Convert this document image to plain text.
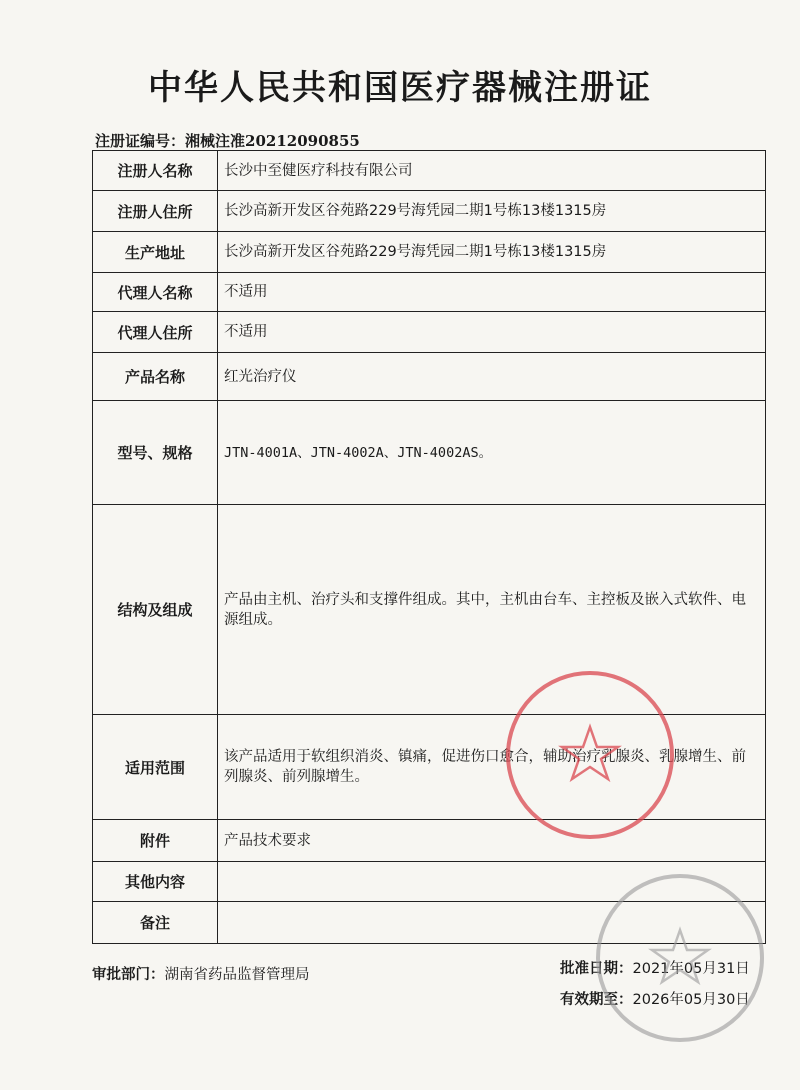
中华人民共和国医疗器械注册证
注册证编号：湘械注准20212090855
注册人名称	长沙中至健医疗科技有限公司
注册人住所	长沙高新开发区谷苑路229号海凭园二期1号栋13楼1315房
生产地址	长沙高新开发区谷苑路229号海凭园二期1号栋13楼1315房
代理人名称	不适用
代理人住所	不适用
产品名称	红光治疗仪
型号、规格	JTN-4001A、JTN-4002A、JTN-4002AS。
结构及组成	产品由主机、治疗头和支撑件组成。其中，主机由台车、主控板及嵌入式软件、电源组成。
适用范围	该产品适用于软组织消炎、镇痛，促进伤口愈合，辅助治疗乳腺炎、乳腺增生、前列腺炎、前列腺增生。
附件	产品技术要求
其他内容	
备注	
审批部门：湖南省药品监督管理局	批准日期：2021年05月31日
有效期至：2026年05月30日
